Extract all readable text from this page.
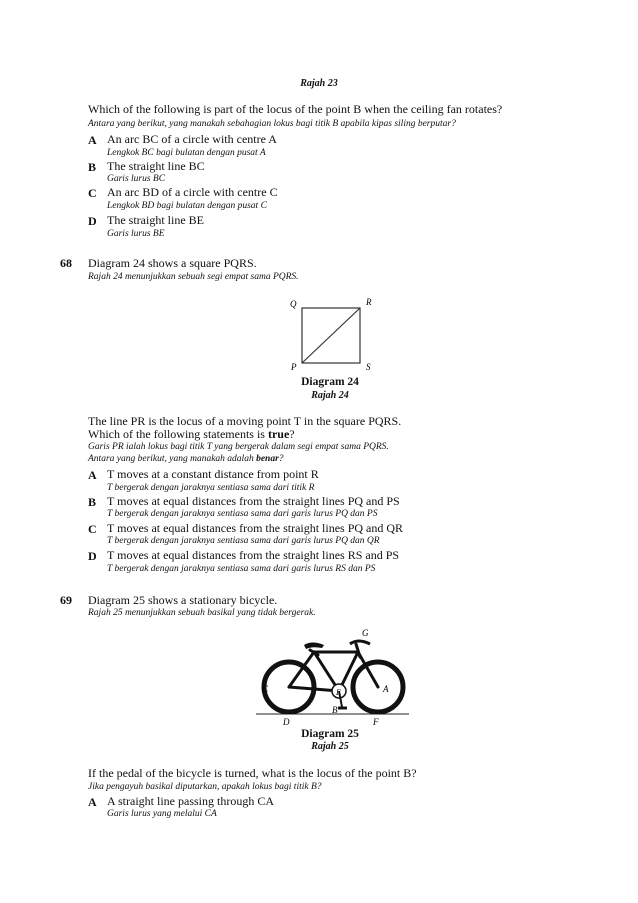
Rajah 23
Which of the following is part of the locus of the point B when the ceiling fan rotates?
Antara yang berikut, yang manakah sebahagian lokus bagi titik B apabila kipas siling berputar?
A An arc BC of a circle with centre A
Lengkok BC bagi bulatan dengan pusat A
B The straight line BC
Garis lurus BC
C An arc BD of a circle with centre C
Lengkok BD bagi bulatan dengan pusat C
D The straight line BE
Garis lurus BE
68 Diagram 24 shows a square PQRS.
Rajah 24 menunjukkan sebuah segi empat sama PQRS.
Q	R
P	S
Diagram 24
Rajah 24
The line PR is the locus of a moving point T in the square PQRS.
Which of the following statements is true?
Garis PR ialah lokus bagi titik T yang bergerak dalam segi empat sama PQRS.
Antara yang berikut, yang manakah adalah benar?
A T moves at a constant distance from point R
T bergerak dengan jaraknya sentiasa sama dari titik R
B T moves at equal distances from the straight lines PQ and PS
T bergerak dengan jaraknya sentiasa sama dari garis lurus PQ dan PS
C T moves at equal distances from the straight lines PQ and QR
T bergerak dengan jaraknya sentiasa sama dari garis lurus PQ dan QR
D T moves at equal distances from the straight lines RS and PS
T bergerak dengan jaraknya sentiasa sama dari garis lurus RS dan PS
69 Diagram 25 shows a stationary bicycle.
Rajah 25 menunjukkan sebuah basikal yang tidak bergerak.
G
C	E	A
B
D	F
Diagram 25
Rajah 25
If the pedal of the bicycle is turned, what is the locus of the point B?
Jika pengayuh basikal diputarkan, apakah lokus bagi titik B?
A A straight line passing through CA
Garis lurus yang melalui CA
